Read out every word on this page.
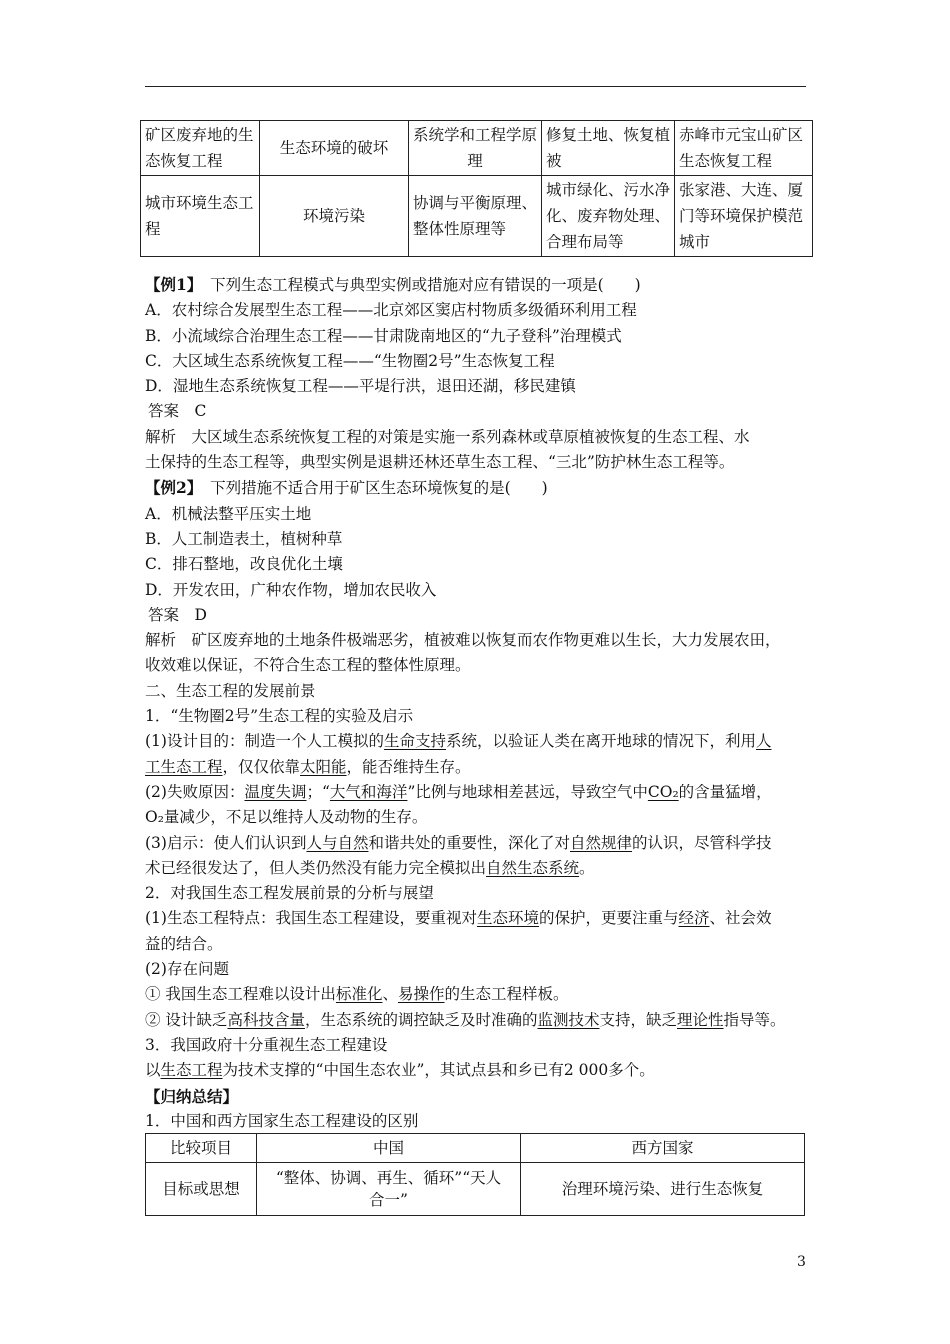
矿区废弃地的生态恢复工程	生态环境的破坏	系统学和工程学原理	修复土地、恢复植被	赤峰市元宝山矿区生态恢复工程
城市环境生态工程	环境污染	协调与平衡原理、整体性原理等	城市绿化、污水净化、废弃物处理、合理布局等	张家港、大连、厦门等环境保护模范城市

【例1】　 下列生态工程模式与典型实例或措施对应有错误的一项是(　　)

A．农村综合发展型生态工程——北京郊区窦店村物质多级循环利用工程

B．小流域综合治理生态工程——甘肃陇南地区的“九子登科”治理模式

C．大区域生态系统恢复工程——“生物圈2号”生态恢复工程

D．湿地生态系统恢复工程——平堤行洪，退田还湖，移民建镇

答案　C

解析　大区域生态系统恢复工程的对策是实施一系列森林或草原植被恢复的生态工程、水

土保持的生态工程等，典型实例是退耕还林还草生态工程、“三北”防护林生态工程等。

【例2】　 下列措施不适合用于矿区生态环境恢复的是(　　)

A．机械法整平压实土地

B．人工制造表土，植树种草

C．排石整地，改良优化土壤

D．开发农田，广种农作物，增加农民收入

答案　D

解析　矿区废弃地的土地条件极端恶劣，植被难以恢复而农作物更难以生长，大力发展农田，

收效难以保证，不符合生态工程的整体性原理。

二、生态工程的发展前景

1．“生物圈2号”生态工程的实验及启示

(1)设计目的：制造一个人工模拟的生命支持系统，以验证人类在离开地球的情况下，利用人

工生态工程，仅仅依靠太阳能，能否维持生存。

(2)失败原因：温度失调；“大气和海洋”比例与地球相差甚远，导致空气中CO₂的含量猛增，

O₂量减少，不足以维持人及动物的生存。

(3)启示：使人们认识到人与自然和谐共处的重要性，深化了对自然规律的认识，尽管科学技

术已经很发达了，但人类仍然没有能力完全模拟出自然生态系统。

2．对我国生态工程发展前景的分析与展望

(1)生态工程特点：我国生态工程建设，要重视对生态环境的保护，更要注重与经济、社会效

益的结合。

(2)存在问题

① 我国生态工程难以设计出标准化、易操作的生态工程样板。

② 设计缺乏高科技含量，生态系统的调控缺乏及时准确的监测技术支持，缺乏理论性指导等。

3．我国政府十分重视生态工程建设

以生态工程为技术支撑的“中国生态农业”，其试点县和乡已有2 000多个。

【归纳总结】

1．中国和西方国家生态工程建设的区别

比较项目	中国	西方国家
目标或思想	“整体、协调、再生、循环”“天人合一”	治理环境污染、进行生态恢复
3
